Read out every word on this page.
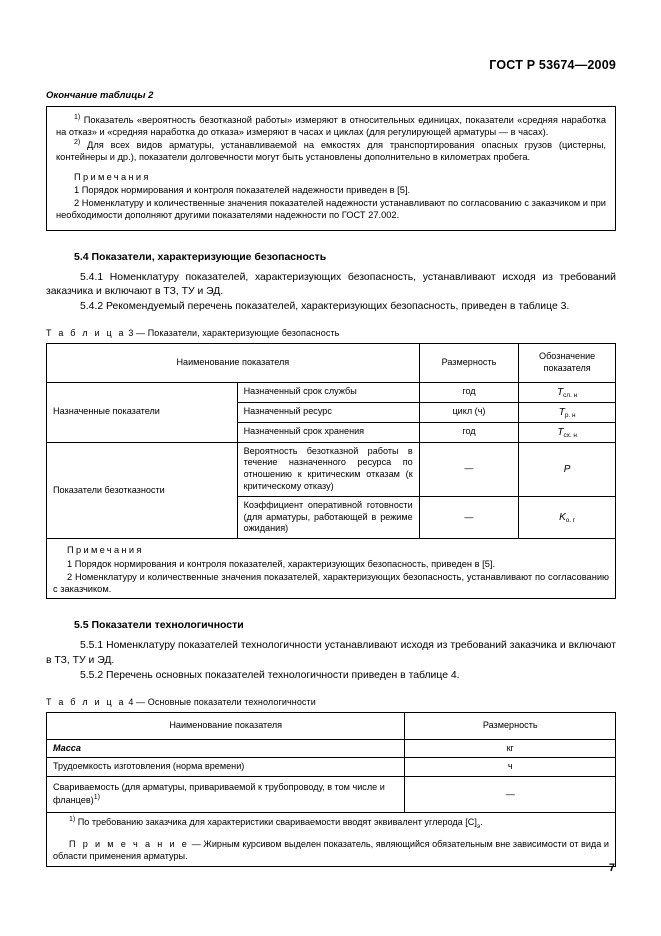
ГОСТ Р 53674—2009
Окончание таблицы 2

$^{1)}$ Показатель «вероятность безотказной работы» измеряют в относительных единицах, показатели «средняя наработка на отказ» и «средняя наработка до отказа» измеряют в часах и циклах (для регулирующей арматуры — в часах).

$^{2)}$ Для всех видов арматуры, устанавливаемой на емкостях для транспортирования опасных грузов (цистерны, контейнеры и др.), показатели долговечности могут быть установлены дополнительно в километрах пробега.

Примечания

1 Порядок нормирования и контроля показателей надежности приведен в [5].

2 Номенклатуру и количественные значения показателей надежности устанавливают по согласованию с заказчиком и при необходимости дополняют другими показателями надежности по ГОСТ 27.002.

5.4 Показатели, характеризующие безопасность

5.4.1 Номенклатуру показателей, характеризующих безопасность, устанавливают исходя из требований заказчика и включают в ТЗ, ТУ и ЭД.

5.4.2 Рекомендуемый перечень показателей, характеризующих безопасность, приведен в таблице 3.

Т а б л и ц а 3 — Показатели, характеризующие безопасность
Наименование показателя		Размерность	Обозначение
показателя
Назначенные показатели	Назначенный срок службы	год	$T_{сл. н}$
	Назначенный ресурс	цикл (ч)	$T_{р. н}$
	Назначенный срок хранения	год	$T_{сх. н}$
Показатели безотказности	Вероятность безотказной работы в течение назначенного ресурса по отношению к критическим отказам (к критическому отказу)	—	P
	Коэффициент оперативной готовности (для арматуры, работающей в режиме ожидания)	—	$K_{о. г}$

Примечания

1 Порядок нормирования и контроля показателей, характеризующих безопасность, приведен в [5].

2 Номенклатуру и количественные значения показателей, характеризующих безопасность, устанавливают по согласованию с заказчиком.			

5.5 Показатели технологичности

5.5.1 Номенклатуру показателей технологичности устанавливают исходя из требований заказчика и включают в ТЗ, ТУ и ЭД.

5.5.2 Перечень основных показателей технологичности приведен в таблице 4.

Т а б л и ц а 4 — Основные показатели технологичности
Наименование показателя	Размерность
Масса	кг
Трудоемкость изготовления (норма времени)	ч
Свариваемость (для арматуры, привариваемой к трубопроводу, в том числе и фланцев)$^{1)}$	—

$^{1)}$ По требованию заказчика для характеристики свариваемости вводят эквивалент углерода $[C]_э$.

П р и м е ч а н и е — Жирным курсивом выделен показатель, являющийся обязательным вне зависимости от вида и области применения арматуры.	

7
